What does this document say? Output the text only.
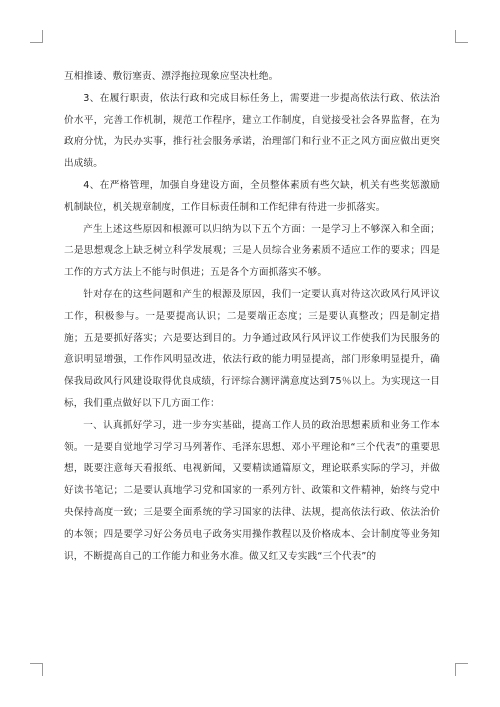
互相推诿、敷衍塞责、漂浮拖拉现象应坚决杜绝。

3、在履行职责，依法行政和完成目标任务上，需要进一步提高依法行政、依法治价水平，完善工作机制，规范工作程序，建立工作制度，自觉接受社会各界监督，在为政府分忧，为民办实事，推行社会服务承诺，治理部门和行业不正之风方面应做出更突出成绩。

4、在严格管理，加强自身建设方面，全员整体素质有些欠缺，机关有些奖惩激励机制缺位，机关规章制度，工作目标责任制和工作纪律有待进一步抓落实。

产生上述这些原因和根源可以归纳为以下五个方面：一是学习上不够深入和全面；二是思想观念上缺乏树立科学发展观；三是人员综合业务素质不适应工作的要求；四是工作的方式方法上不能与时俱进；五是各个方面抓落实不够。

针对存在的这些问题和产生的根源及原因，我们一定要认真对待这次政风行风评议工作，积极参与。一是要提高认识；二是要端正态度；三是要认真整改；四是制定措施；五是要抓好落实；六是要达到目的。力争通过政风行风评议工作使我们为民服务的意识明显增强，工作作风明显改进，依法行政的能力明显提高，部门形象明显提升，确保我局政风行风建设取得优良成绩，行评综合测评满意度达到75％以上。为实现这一目标，我们重点做好以下几方面工作：

一、认真抓好学习，进一步夯实基础，提高工作人员的政治思想素质和业务工作本领。一是要自觉地学习学习马列著作、毛泽东思想、邓小平理论和“三个代表”的重要思想，既要注意每天看报纸、电视新闻，又要精读通篇原文，理论联系实际的学习，并做好读书笔记；二是要认真地学习党和国家的一系列方针、政策和文件精神，始终与党中央保持高度一致；三是要全面系统的学习国家的法律、法规，提高依法行政、依法治价的本领；四是要学习好公务员电子政务实用操作教程以及价格成本、会计制度等业务知识，不断提高自己的工作能力和业务水准。做又红又专实践“三个代表”的
